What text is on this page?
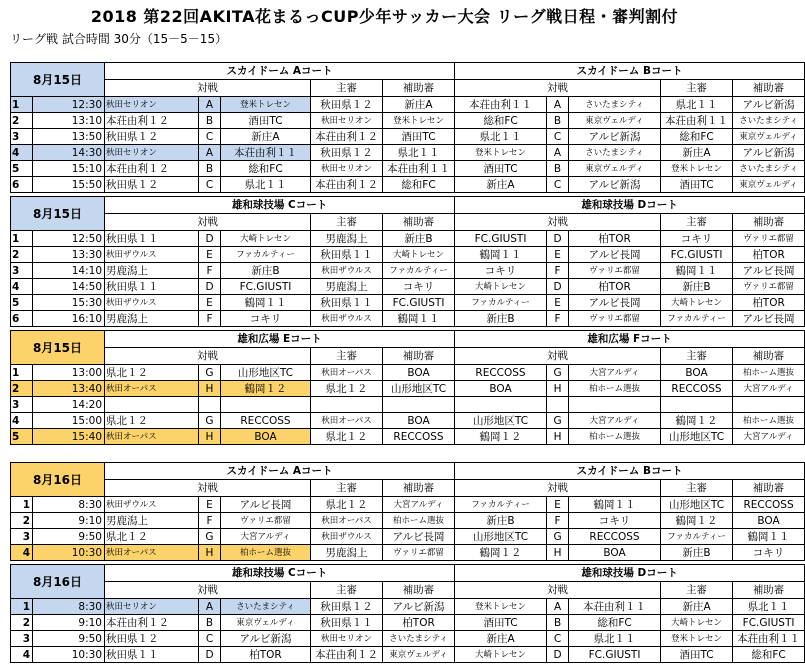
2018 第22回AKITA花まるっCUP少年サッカー大会 リーグ戦日程・審判割付
リーグ戦 試合時間 30分（15－5－15）
8月15日		スカイドーム Aコート					スカイドーム Bコート				
		対戦			主審	補助審	対戦			主審	補助審
1	12:30	秋田セリオン	A	登米トレセン	秋田県１２	新庄A	本荘由利１１	A	さいたまシティ	県北１１	アルビ新潟
2	13:10	本荘由利１２	B	酒田TC	秋田セリオン	登米トレセン	総和FC	B	東京ヴェルディ	本荘由利１１	さいたまシティ
3	13:50	秋田県１２	C	新庄A	本荘由利１２	酒田TC	県北１１	C	アルビ新潟	総和FC	東京ヴェルディ
4	14:30	秋田セリオン	A	本荘由利１１	秋田県１２	県北１１	登米トレセン	A	さいたまシティ	新庄A	アルビ新潟
5	15:10	本荘由利１２	B	総和FC	秋田セリオン	本荘由利１１	酒田TC	B	東京ヴェルディ	登米トレセン	さいたまシティ
6	15:50	秋田県１２	C	県北１１	本荘由利１２	総和FC	新庄A	C	アルビ新潟	酒田TC	東京ヴェルディ
8月15日		雄和球技場 Cコート					雄和球技場 Dコート				
		対戦			主審	補助審	対戦			主審	補助審
1	12:50	秋田県１１	D	大崎トレセン	男鹿潟上	新庄B	FC.GIUSTI	D	柏TOR	コキリ	ヴァリエ都留
2	13:30	秋田ザウルス	E	ファカルティー	秋田県１１	大崎トレセン	鶴岡１１	E	アルビ長岡	FC.GIUSTI	柏TOR
3	14:10	男鹿潟上	F	新庄B	秋田ザウルス	ファカルティー	コキリ	F	ヴァリエ都留	鶴岡１１	アルビ長岡
4	14:50	秋田県１１	D	FC.GIUSTI	男鹿潟上	コキリ	大崎トレセン	D	柏TOR	新庄B	ヴァリエ都留
5	15:30	秋田ザウルス	E	鶴岡１１	秋田県１１	FC.GIUSTI	ファカルティー	E	アルビ長岡	大崎トレセン	柏TOR
6	16:10	男鹿潟上	F	コキリ	秋田ザウルス	鶴岡１１	新庄B	F	ヴァリエ都留	ファカルティー	アルビ長岡
8月15日		雄和広場 Eコート					雄和広場 Fコート				
		対戦			主審	補助審	対戦			主審	補助審
1	13:00	県北１２	G	山形地区TC	秋田オーパス	BOA	RECCOSS	G	大宮アルディ	BOA	柏ホーム選抜
2	13:40	秋田オーパス	H	鶴岡１２	県北１２	山形地区TC	BOA	H	柏ホーム選抜	RECCOSS	大宮アルディ
3	14:20										
4	15:00	県北１２	G	RECCOSS	秋田オーパス	BOA	山形地区TC	G	大宮アルディ	鶴岡１２	柏ホーム選抜
5	15:40	秋田オーパス	H	BOA	県北１２	RECCOSS	鶴岡１２	H	柏ホーム選抜	山形地区TC	大宮アルディ
8月16日		スカイドーム Aコート					スカイドーム Bコート				
		対戦			主審	補助審	対戦			主審	補助審
1	8:30	秋田ザウルス	E	アルビ長岡	県北１２	大宮アルディ	ファカルティー	E	鶴岡１１	山形地区TC	RECCOSS
2	9:10	男鹿潟上	F	ヴァリエ都留	秋田オーパス	柏ホーム選抜	新庄B	F	コキリ	鶴岡１２	BOA
3	9:50	県北１２	G	大宮アルディ	秋田ザウルス	アルビ長岡	山形地区TC	G	RECCOSS	ファカルティー	鶴岡１１
4	10:30	秋田オーパス	H	柏ホーム選抜	男鹿潟上	ヴァリエ都留	鶴岡１２	H	BOA	新庄B	コキリ
8月16日		雄和球技場 Cコート					雄和球技場 Dコート				
		対戦			主審	補助審	対戦			主審	補助審
1	8:30	秋田セリオン	A	さいたまシティ	秋田県１２	アルビ新潟	登米トレセン	A	本荘由利１１	新庄A	県北１１
2	9:10	本荘由利１２	B	東京ヴェルディ	秋田県１１	柏TOR	酒田TC	B	総和FC	大崎トレセン	FC.GIUSTI
3	9:50	秋田県１２	C	アルビ新潟	秋田セリオン	さいたまシティ	新庄A	C	県北１１	登米トレセン	本荘由利１１
4	10:30	秋田県１１	D	柏TOR	本荘由利１２	東京ヴェルディ	大崎トレセン	D	FC.GIUSTI	酒田TC	総和FC
